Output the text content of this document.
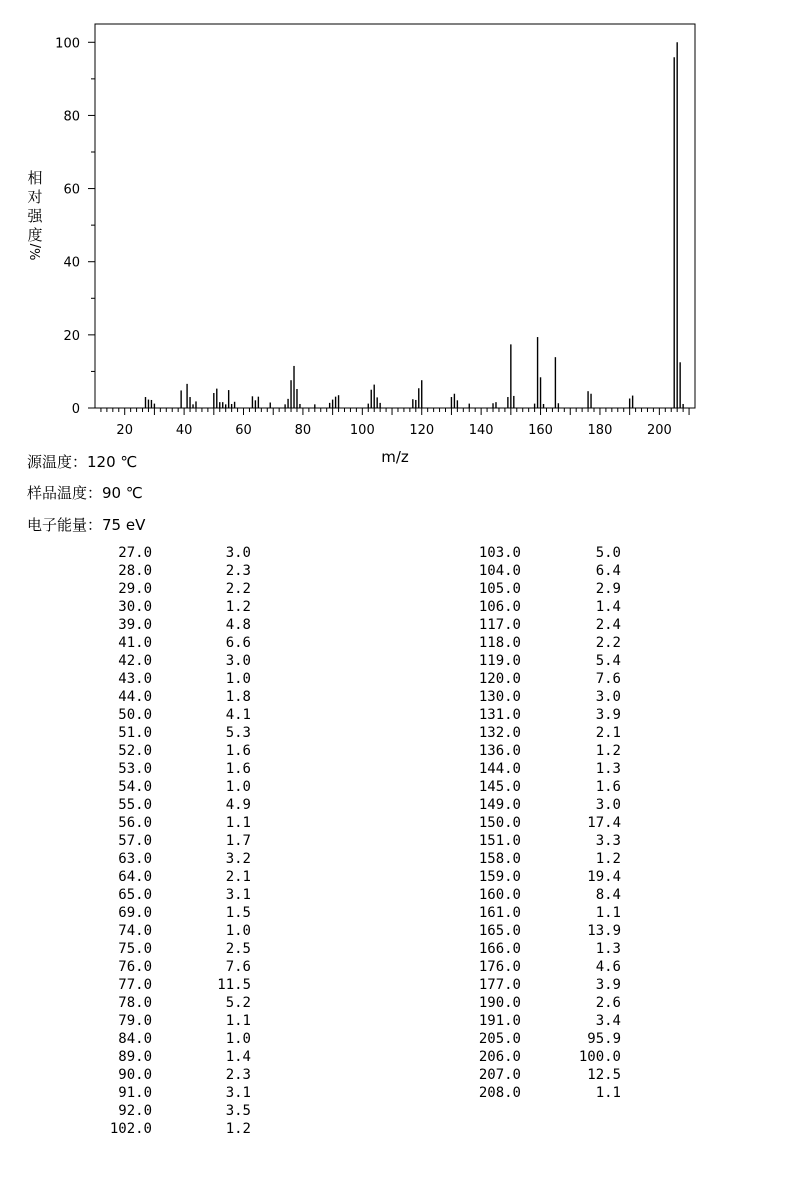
20	40	60	80	100	120	140	160	180	200
0
20
40
60
80
100
m/z
相
对
强
度
%/
源温度：120 ℃
样品温度：90 ℃
电子能量：75 eV
27.0	3.0
28.0	2.3
29.0	2.2
30.0	1.2
39.0	4.8
41.0	6.6
42.0	3.0
43.0	1.0
44.0	1.8
50.0	4.1
51.0	5.3
52.0	1.6
53.0	1.6
54.0	1.0
55.0	4.9
56.0	1.1
57.0	1.7
63.0	3.2
64.0	2.1
65.0	3.1
69.0	1.5
74.0	1.0
75.0	2.5
76.0	7.6
77.0	11.5
78.0	5.2
79.0	1.1
84.0	1.0
89.0	1.4
90.0	2.3
91.0	3.1
92.0	3.5
102.0	1.2
103.0	5.0
104.0	6.4
105.0	2.9
106.0	1.4
117.0	2.4
118.0	2.2
119.0	5.4
120.0	7.6
130.0	3.0
131.0	3.9
132.0	2.1
136.0	1.2
144.0	1.3
145.0	1.6
149.0	3.0
150.0	17.4
151.0	3.3
158.0	1.2
159.0	19.4
160.0	8.4
161.0	1.1
165.0	13.9
166.0	1.3
176.0	4.6
177.0	3.9
190.0	2.6
191.0	3.4
205.0	95.9
206.0	100.0
207.0	12.5
208.0	1.1
